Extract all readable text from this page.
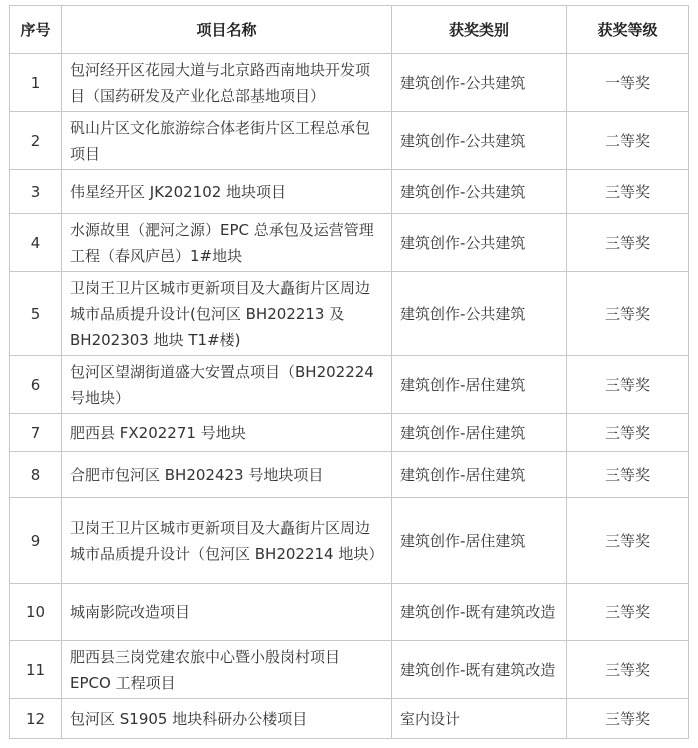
序号	项目名称	获奖类别	获奖等级
1	包河经开区花园大道与北京路西南地块开发项目（国药研发及产业化总部基地项目）	建筑创作-公共建筑	一等奖
2	矾山片区文化旅游综合体老街片区工程总承包项目	建筑创作-公共建筑	二等奖
3	伟星经开区 JK202102 地块项目	建筑创作-公共建筑	三等奖
4	水源故里（淝河之源）EPC 总承包及运营管理工程（春风庐邑）1#地块	建筑创作-公共建筑	三等奖
5	卫岗王卫片区城市更新项目及大矗街片区周边城市品质提升设计(包河区 BH202213 及 BH202303 地块 T1#楼)	建筑创作-公共建筑	三等奖
6	包河区望湖街道盛大安置点项目（BH202224 号地块）	建筑创作-居住建筑	三等奖
7	肥西县 FX202271 号地块	建筑创作-居住建筑	三等奖
8	合肥市包河区 BH202423 号地块项目	建筑创作-居住建筑	三等奖
9	卫岗王卫片区城市更新项目及大矗街片区周边城市品质提升设计（包河区 BH202214 地块）	建筑创作-居住建筑	三等奖
10	城南影院改造项目	建筑创作-既有建筑改造	三等奖
11	肥西县三岗党建农旅中心暨小殷岗村项目 EPCO 工程项目	建筑创作-既有建筑改造	三等奖
12	包河区 S1905 地块科研办公楼项目	室内设计	三等奖
